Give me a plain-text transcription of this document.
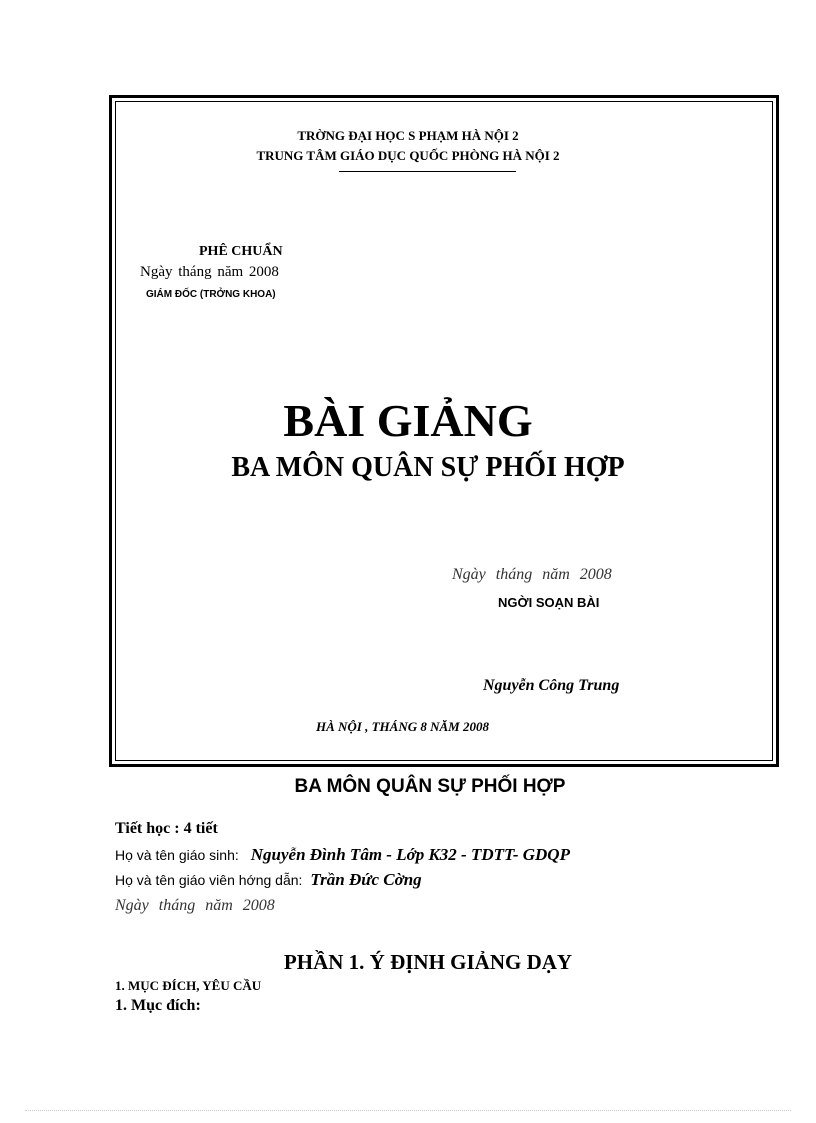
TRỜNG ĐẠI HỌC S PHẠM HÀ NỘI 2
TRUNG TÂM GIÁO DỤC QUỐC PHÒNG HÀ NỘI 2
PHÊ CHUẨN
Ngày tháng năm 2008
GIÁM ĐỐC (TRỞNG KHOA)
BÀI GIẢNG
BA MÔN QUÂN SỰ PHỐI HỢP
Ngày tháng năm 2008
NGỜI SOẠN BÀI
Nguyễn Công Trung
HÀ NỘI , THÁNG 8 NĂM 2008
BA MÔN QUÂN SỰ PHỐI HỢP
Tiết học : 4 tiết
Họ và tên giáo sinh: Nguyễn Đình Tâm - Lớp K32 - TDTT- GDQP
Họ và tên giáo viên hớng dẫn: Trần Đức Cờng
Ngày tháng năm 2008
PHẦN 1. Ý ĐỊNH GIẢNG DẠY
1. MỤC ĐÍCH, YÊU CẦU
1. Mục đích:
